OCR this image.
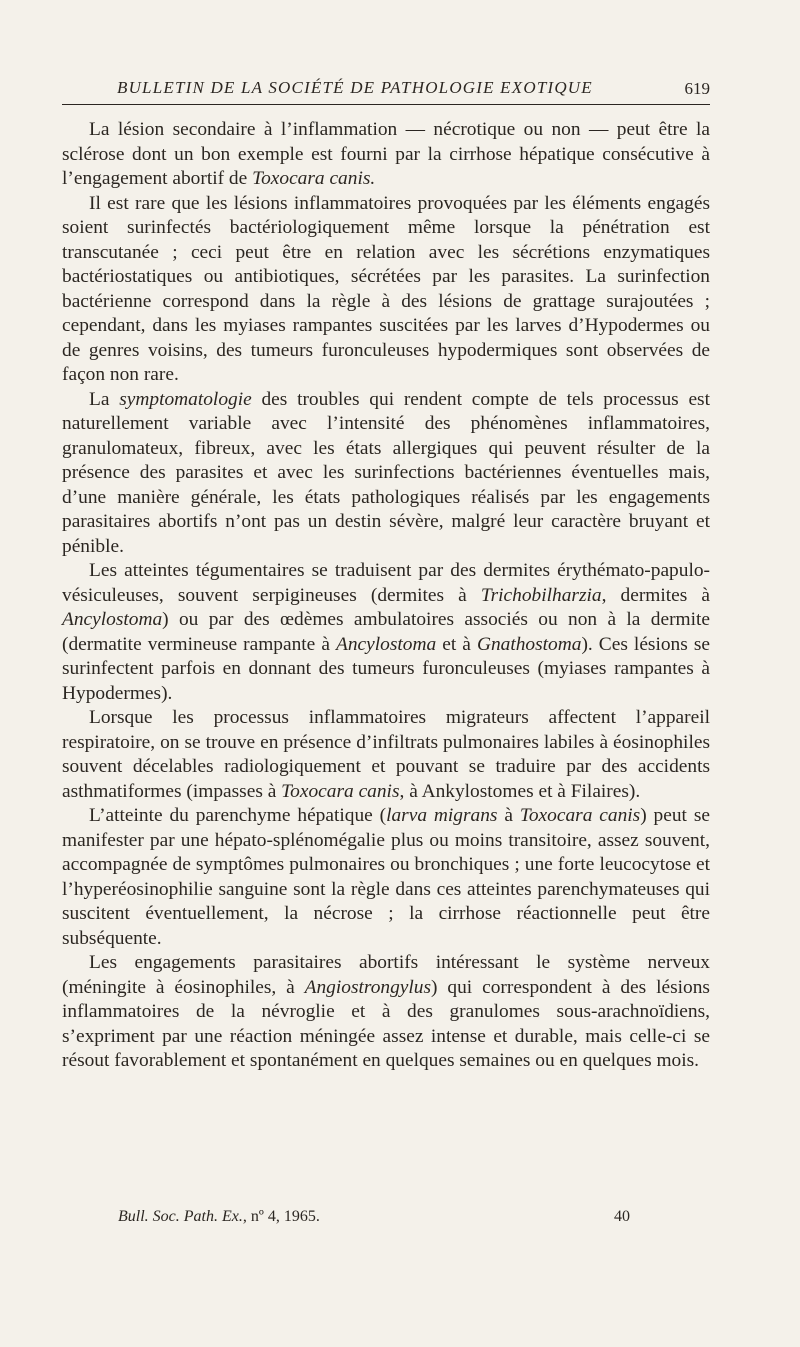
BULLETIN DE LA SOCIÉTÉ DE PATHOLOGIE EXOTIQUE	619

La lésion secondaire à l’inflammation — nécrotique ou non — peut être la sclérose dont un bon exemple est fourni par la cirrhose hépatique consécutive à l’engagement abortif de Toxocara canis.

Il est rare que les lésions inflammatoires provoquées par les éléments engagés soient surinfectés bactériologiquement même lorsque la pénétration est transcutanée ; ceci peut être en relation avec les sécrétions enzymatiques bactériostatiques ou antibiotiques, sécrétées par les parasites. La surinfection bactérienne correspond dans la règle à des lésions de grattage surajoutées ; cependant, dans les myiases rampantes suscitées par les larves d’Hypodermes ou de genres voisins, des tumeurs furonculeuses hypodermiques sont observées de façon non rare.

La symptomatologie des troubles qui rendent compte de tels processus est naturellement variable avec l’intensité des phénomènes inflammatoires, granulomateux, fibreux, avec les états allergiques qui peuvent résulter de la présence des parasites et avec les surinfections bactériennes éventuelles mais, d’une manière générale, les états pathologiques réalisés par les engagements parasitaires abortifs n’ont pas un destin sévère, malgré leur caractère bruyant et pénible.

Les atteintes tégumentaires se traduisent par des dermites érythémato-papulo-vésiculeuses, souvent serpigineuses (dermites à Trichobilharzia, dermites à Ancylostoma) ou par des œdèmes ambulatoires associés ou non à la dermite (dermatite vermineuse rampante à Ancylostoma et à Gnathostoma). Ces lésions se surinfectent parfois en donnant des tumeurs furonculeuses (myiases rampantes à Hypodermes).

Lorsque les processus inflammatoires migrateurs affectent l’appareil respiratoire, on se trouve en présence d’infiltrats pulmonaires labiles à éosinophiles souvent décelables radiologiquement et pouvant se traduire par des accidents asthmatiformes (impasses à Toxocara canis, à Ankylostomes et à Filaires).

L’atteinte du parenchyme hépatique (larva migrans à Toxocara canis) peut se manifester par une hépato-splénomégalie plus ou moins transitoire, assez souvent, accompagnée de symptômes pulmonaires ou bronchiques ; une forte leucocytose et l’hyperéosinophilie sanguine sont la règle dans ces atteintes parenchymateuses qui suscitent éventuellement, la nécrose ; la cirrhose réactionnelle peut être subséquente.

Les engagements parasitaires abortifs intéressant le système nerveux (méningite à éosinophiles, à Angiostrongylus) qui correspondent à des lésions inflammatoires de la névroglie et à des granulomes sous-arachnoïdiens, s’expriment par une réaction méningée assez intense et durable, mais celle-ci se résout favorablement et spontanément en quelques semaines ou en quelques mois.

Bull. Soc. Path. Ex., nº 4, 1965.	40
